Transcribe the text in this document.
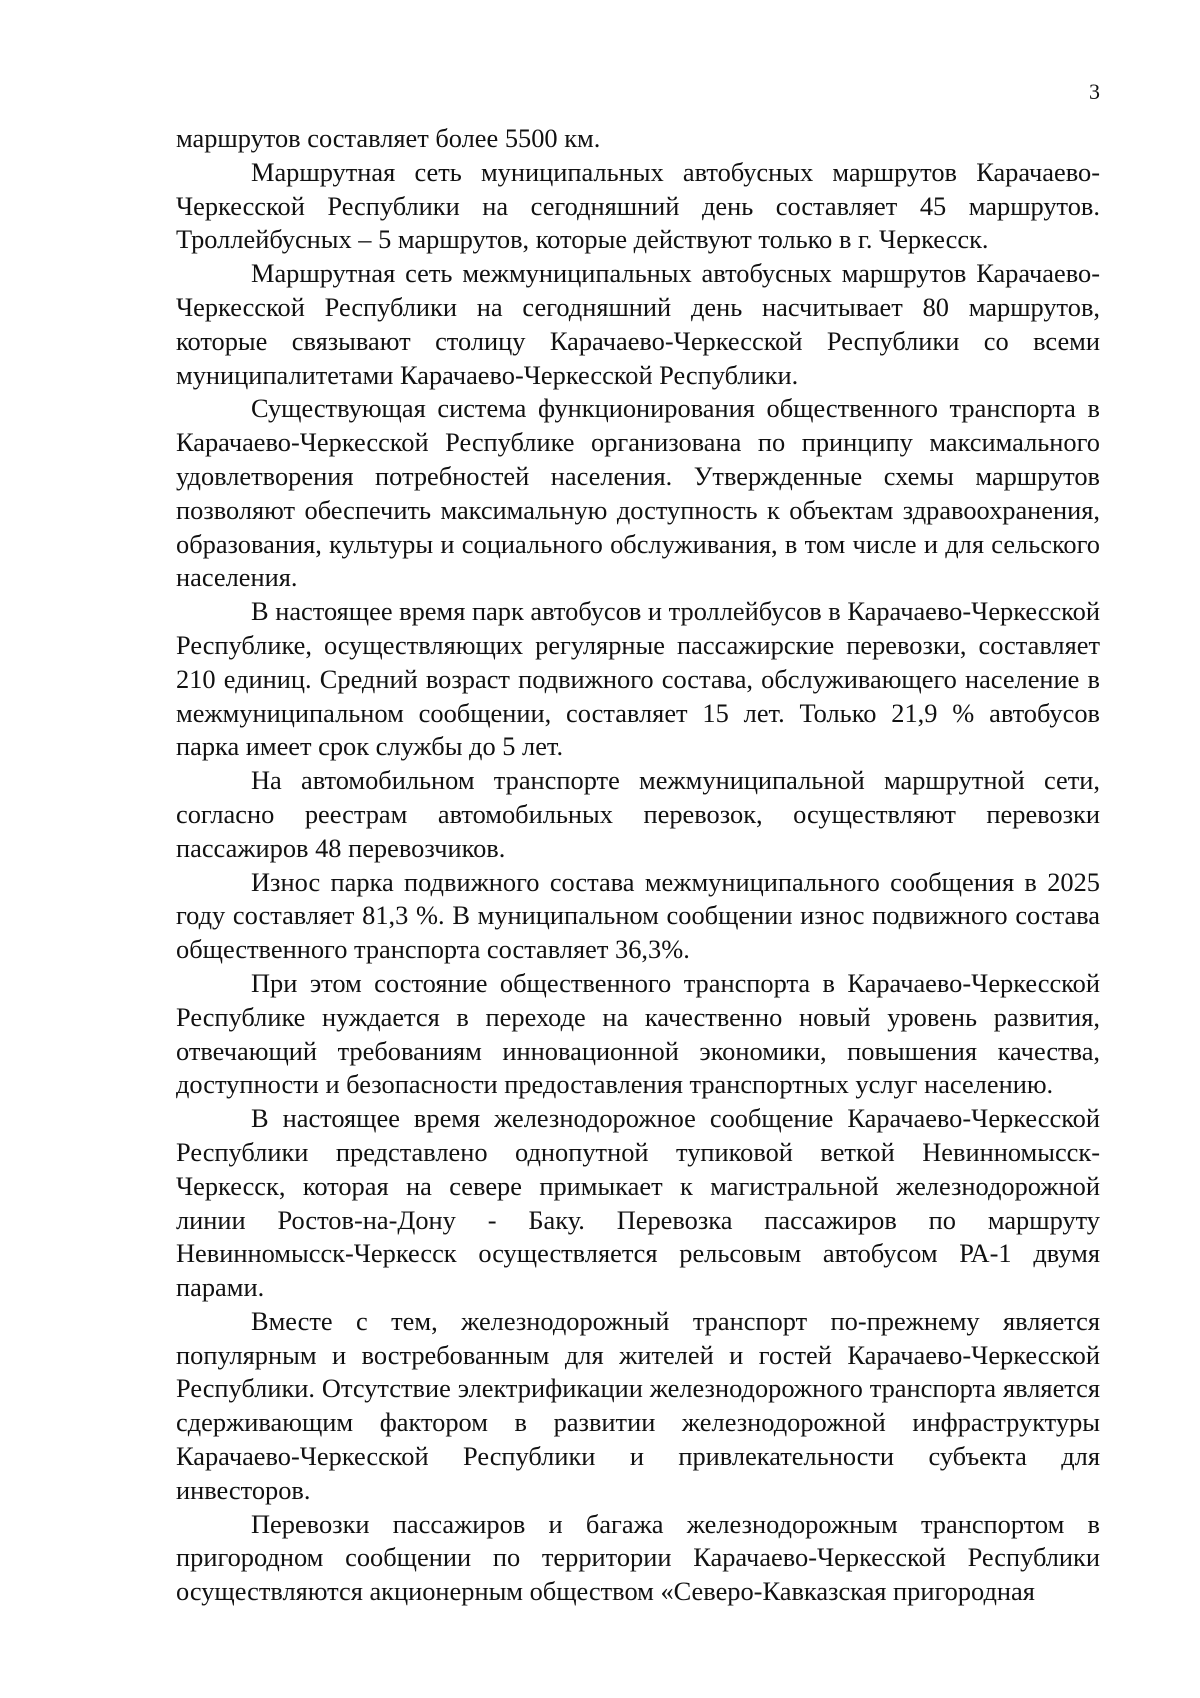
3

маршрутов составляет более 5500 км.

Маршрутная сеть муниципальных автобусных маршрутов Карачаево-Черкесской Республики на сегодняшний день составляет 45 маршрутов. Троллейбусных – 5 маршрутов, которые действуют только в г. Черкесск.

Маршрутная сеть межмуниципальных автобусных маршрутов Карачаево-Черкесской Республики на сегодняшний день насчитывает 80 маршрутов, которые связывают столицу Карачаево-Черкесской Республики со всеми муниципалитетами Карачаево-Черкесской Республики.

Существующая система функционирования общественного транспорта в Карачаево-Черкесской Республике организована по принципу максимального удовлетворения потребностей населения. Утвержденные схемы маршрутов позволяют обеспечить максимальную доступность к объектам здравоохранения, образования, культуры и социального обслуживания, в том числе и для сельского населения.

В настоящее время парк автобусов и троллейбусов в Карачаево-Черкесской Республике, осуществляющих регулярные пассажирские перевозки, составляет 210 единиц. Средний возраст подвижного состава, обслуживающего население в межмуниципальном сообщении, составляет 15 лет. Только 21,9 % автобусов парка имеет срок службы до 5 лет.

На автомобильном транспорте межмуниципальной маршрутной сети, согласно реестрам автомобильных перевозок, осуществляют перевозки пассажиров 48 перевозчиков.

Износ парка подвижного состава межмуниципального сообщения в 2025 году составляет 81,3 %. В муниципальном сообщении износ подвижного состава общественного транспорта составляет 36,3%.

При этом состояние общественного транспорта в Карачаево-Черкесской Республике нуждается в переходе на качественно новый уровень развития, отвечающий требованиям инновационной экономики, повышения качества, доступности и безопасности предоставления транспортных услуг населению.

В настоящее время железнодорожное сообщение Карачаево-Черкесской Республики представлено однопутной тупиковой веткой Невинномысск-Черкесск, которая на севере примыкает к магистральной железнодорожной линии Ростов-на-Дону - Баку. Перевозка пассажиров по маршруту Невинномысск-Черкесск осуществляется рельсовым автобусом РА-1 двумя парами.

Вместе с тем, железнодорожный транспорт по-прежнему является популярным и востребованным для жителей и гостей Карачаево-Черкесской Республики. Отсутствие электрификации железнодорожного транспорта является сдерживающим фактором в развитии железнодорожной инфраструктуры Карачаево-Черкесской Республики и привлекательности субъекта для инвесторов.

Перевозки пассажиров и багажа железнодорожным транспортом в пригородном сообщении по территории Карачаево-Черкесской Республики осуществляются акционерным обществом «Северо-Кавказская пригородная
